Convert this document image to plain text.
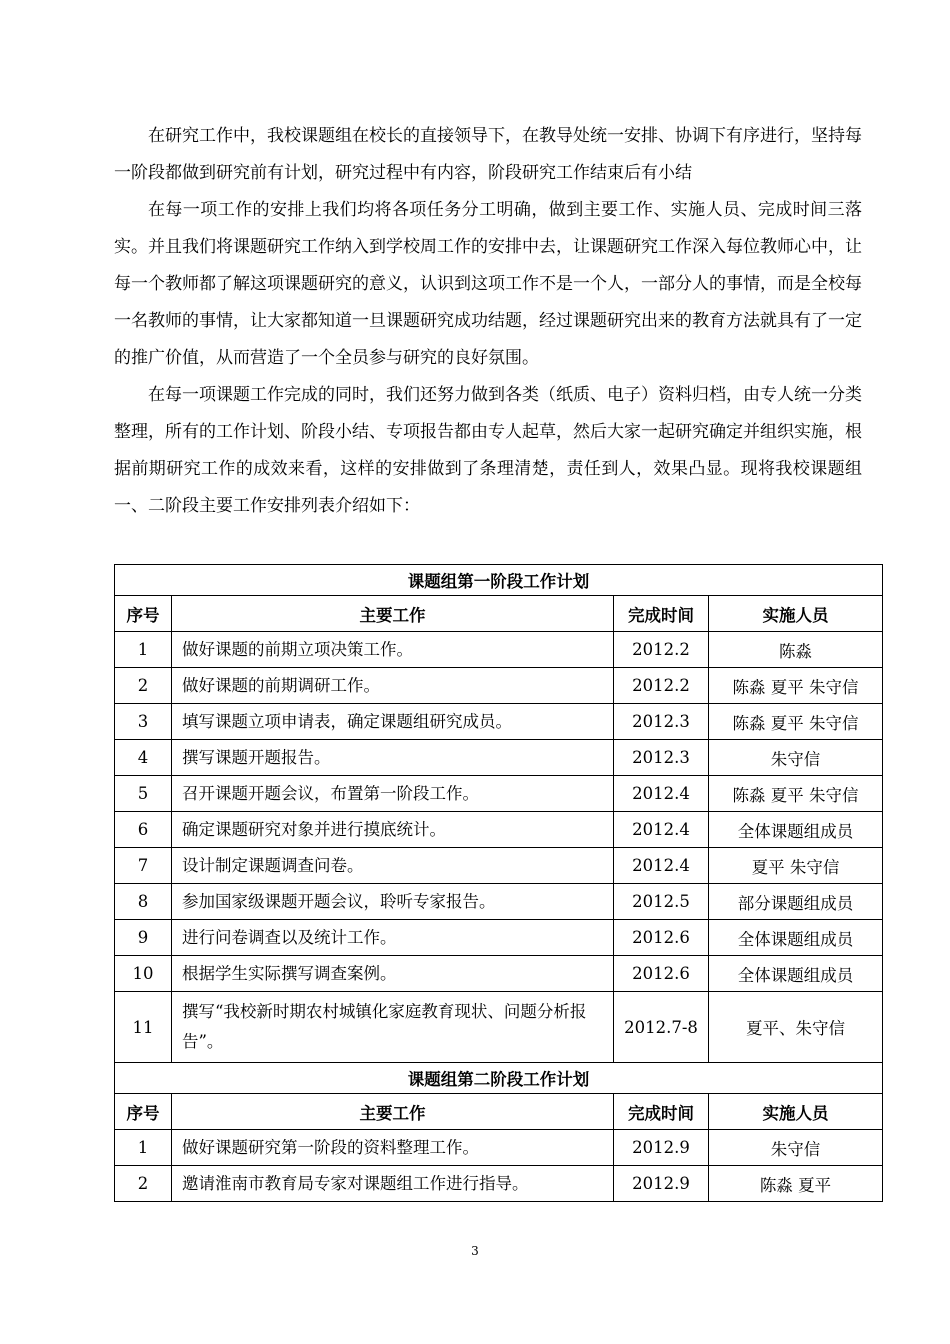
在研究工作中，我校课题组在校长的直接领导下，在教导处统一安排、协调下有序进行，坚持每一阶段都做到研究前有计划，研究过程中有内容，阶段研究工作结束后有小结

在每一项工作的安排上我们均将各项任务分工明确，做到主要工作、实施人员、完成时间三落实。并且我们将课题研究工作纳入到学校周工作的安排中去，让课题研究工作深入每位教师心中，让每一个教师都了解这项课题研究的意义，认识到这项工作不是一个人，一部分人的事情，而是全校每一名教师的事情，让大家都知道一旦课题研究成功结题，经过课题研究出来的教育方法就具有了一定的推广价值，从而营造了一个全员参与研究的良好氛围。

在每一项课题工作完成的同时，我们还努力做到各类（纸质、电子）资料归档，由专人统一分类整理，所有的工作计划、阶段小结、专项报告都由专人起草，然后大家一起研究确定并组织实施，根据前期研究工作的成效来看，这样的安排做到了条理清楚，责任到人，效果凸显。现将我校课题组一、二阶段主要工作安排列表介绍如下：

课题组第一阶段工作计划			
序号	主要工作	完成时间	实施人员
1	做好课题的前期立项决策工作。	2012.2	陈淼
2	做好课题的前期调研工作。	2012.2	陈淼 夏平 朱守信
3	填写课题立项申请表，确定课题组研究成员。	2012.3	陈淼 夏平 朱守信
4	撰写课题开题报告。	2012.3	朱守信
5	召开课题开题会议，布置第一阶段工作。	2012.4	陈淼 夏平 朱守信
6	确定课题研究对象并进行摸底统计。	2012.4	全体课题组成员
7	设计制定课题调查问卷。	2012.4	夏平 朱守信
8	参加国家级课题开题会议，聆听专家报告。	2012.5	部分课题组成员
9	进行问卷调查以及统计工作。	2012.6	全体课题组成员
10	根据学生实际撰写调查案例。	2012.6	全体课题组成员
11	撰写“我校新时期农村城镇化家庭教育现状、问题分析报告”。	2012.7-8	夏平、朱守信
课题组第二阶段工作计划			
序号	主要工作	完成时间	实施人员
1	做好课题研究第一阶段的资料整理工作。	2012.9	朱守信
2	邀请淮南市教育局专家对课题组工作进行指导。	2012.9	陈淼 夏平
3
